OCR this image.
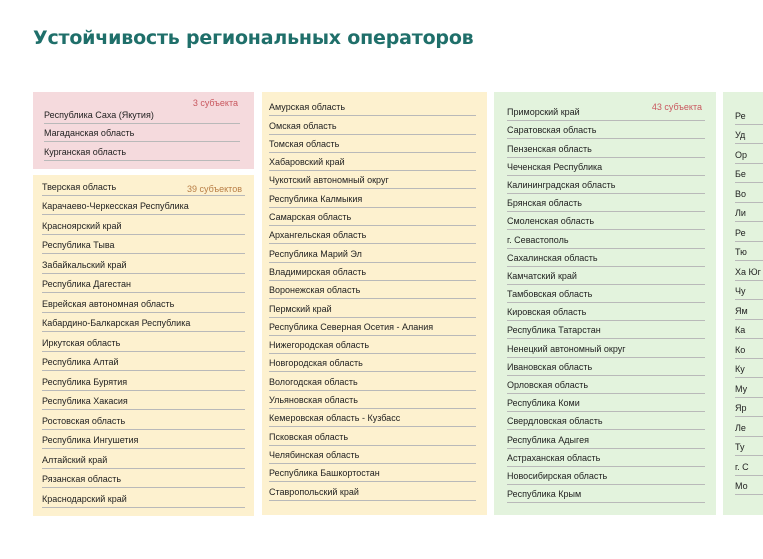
Устойчивость региональных операторов
3 субъекта
Республика Саха (Якутия)
Магаданская область
Курганская область
39 субъектов
Тверская область
Карачаево-Черкесская Республика
Красноярский край
Республика Тыва
Забайкальский край
Республика Дагестан
Еврейская автономная область
Кабардино-Балкарская Республика
Иркутская область
Республика Алтай
Республика Бурятия
Республика Хакасия
Ростовская область
Республика Ингушетия
Алтайский край
Рязанская область
Краснодарский край
Амурская область
Омская область
Томская область
Хабаровский край
Чукотский автономный округ
Республика Калмыкия
Самарская область
Архангельская область
Республика Марий Эл
Владимирская область
Воронежская область
Пермский край
Республика Северная Осетия - Алания
Нижегородская область
Новгородская область
Вологодская область
Ульяновская область
Кемеровская область - Кузбасс
Псковская область
Челябинская область
Республика Башкортостан
Ставропольский край
43 субъекта
Приморский край
Саратовская область
Пензенская область
Чеченская Республика
Калининградская область
Брянская область
Смоленская область
г. Севастополь
Сахалинская область
Камчатский край
Тамбовская область
Кировская область
Республика Татарстан
Ненецкий автономный округ
Ивановская область
Орловская область
Республика Коми
Свердловская область
Республика Адыгея
Астраханская область
Новосибирская область
Республика Крым
Ре
Уд
Ор
Бе
Во
Ли
Ре
Тю
Ха Юг
Чу
Ям
Ка
Ко
Ку
Му
Яр
Ле
Ту
г. С
Мо
